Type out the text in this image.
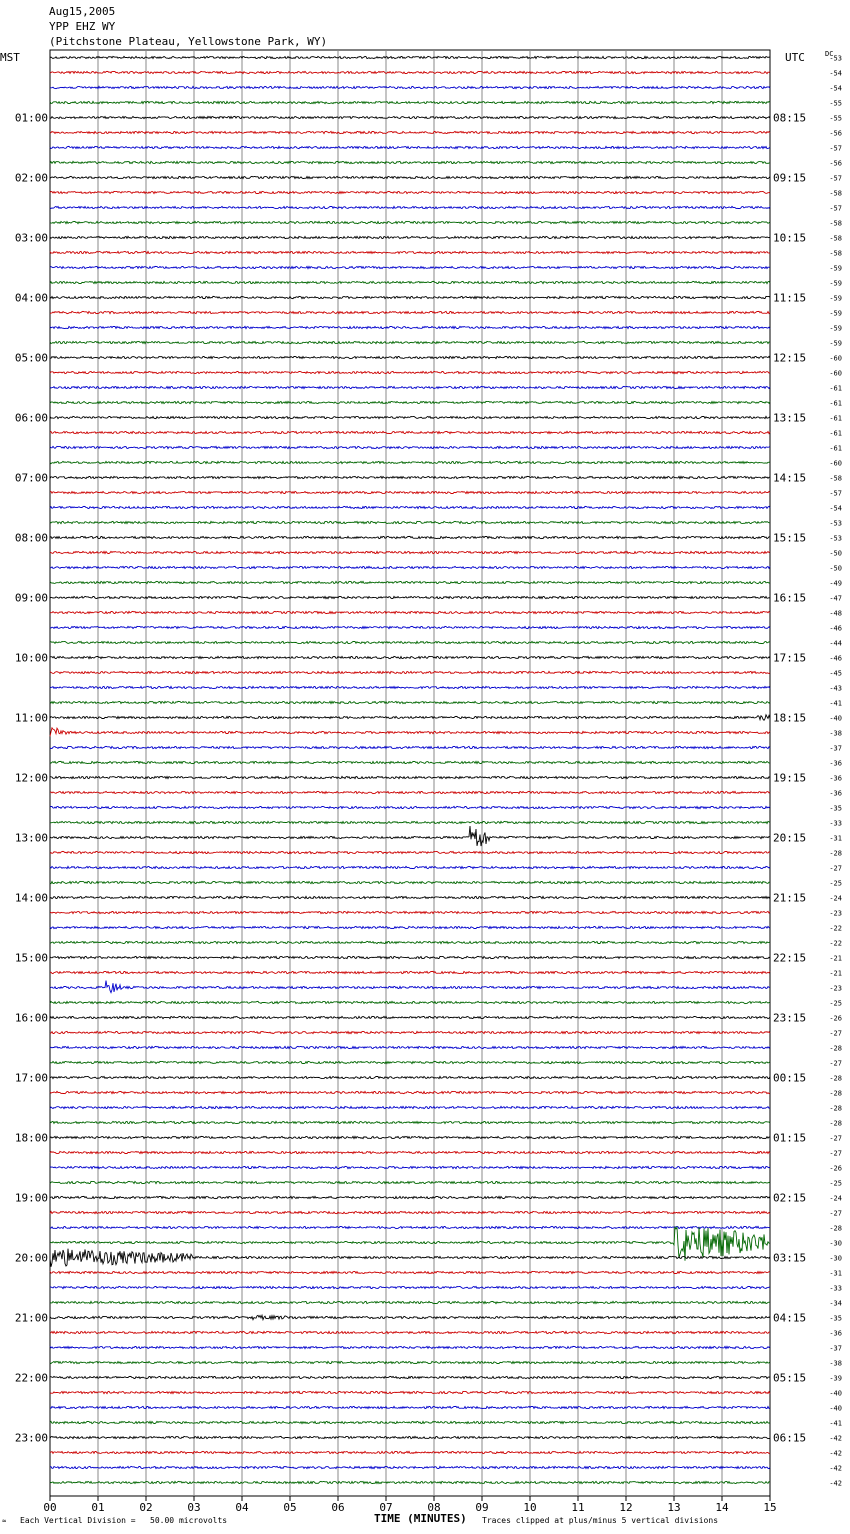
Aug15,2005
YPP EHZ WY
(Pitchstone Plateau, Yellowstone Park, WY)
-53
-54
-54
-55
-55
-56
-57
-56
-57
-58
-57
-58
-58
-58
-59
-59
-59
-59
-59
-59
-60
-60
-61
-61
-61
-61
-61
-60
-58
-57
-54
-53
-53
-50
-50
-49
-47
-48
-46
-44
-46
-45
-43
-41
-40
-38
-37
-36
-36
-36
-35
-33
-31
-28
-27
-25
-24
-23
-22
-22
-21
-21
-23
-25
-26
-27
-28
-27
-28
-28
-28
-28
-27
-27
-26
-25
-24
-27
-28
-30
-30
-31
-33
-34
-35
-36
-37
-38
-39
-40
-40
-41
-42
-42
-42
-42
01:00	08:15
02:00	09:15
03:00	10:15
04:00	11:15
05:00	12:15
06:00	13:15
07:00	14:15
08:00	15:15
09:00	16:15
10:00	17:15
11:00	18:15
12:00	19:15
13:00	20:15
14:00	21:15
15:00	22:15
16:00	23:15
17:00	00:15
18:00	01:15
19:00	02:15
20:00	03:15
21:00	04:15
22:00	05:15
23:00	06:15
MST	UTC	DC
00	01	02	03	04	05	06	07	08	09	10	11	12	13	14	15
TIME (MINUTES)
Each Vertical Division =   50.00 microvolts	Traces clipped at plus/minus 5 vertical divisions
≈
